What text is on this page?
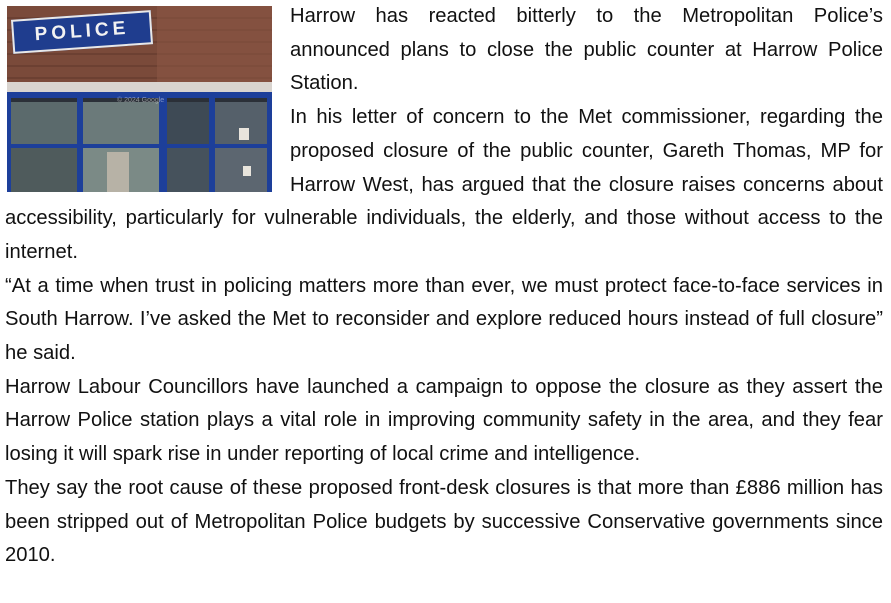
POLICE
© 2024 Google

Harrow has reacted bitterly to the Metropolitan Police’s announced plans to close the public counter at Harrow Police Station.

In his letter of concern to the Met commissioner, regarding the proposed closure of the public counter, Gareth Thomas, MP for Harrow West, has argued that the closure raises concerns about accessibility, particularly for vulnerable individuals, the elderly, and those without access to the internet.

“At a time when trust in policing matters more than ever, we must protect face-to-face services in South Harrow. I’ve asked the Met to reconsider and explore reduced hours instead of full closure” he said.

Harrow Labour Councillors have launched a campaign to oppose the closure as they assert the Harrow Police station plays a vital role in improving community safety in the area, and they fear losing it will spark rise in under reporting of local crime and intelligence.

They say the root cause of these proposed front-desk closures is that more than £886 million has been stripped out of Metropolitan Police budgets by successive Conservative governments since 2010.
